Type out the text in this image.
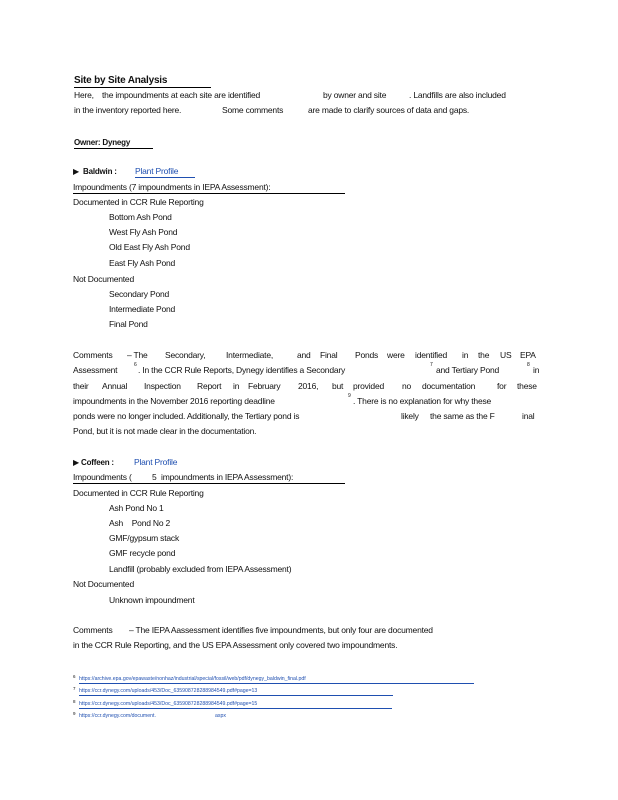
Site by Site Analysis
Here, the impoundments at each site are identified	by owner and site	. Landfills are also included
in the inventory reported here.	Some comments	are made to clarify sources of data and gaps.
Owner: Dynegy
▶ Baldwin : Plant Profile
Impoundments (7 impoundments in IEPA Assessment):
Documented in CCR Rule Reporting
Bottom Ash Pond
West Fly Ash Pond
Old East Fly Ash Pond
East Fly Ash Pond
Not Documented
Secondary Pond
Intermediate Pond
Final Pond
Comments – The Secondary, Intermediate,	and Final Ponds were identified in the US EPA
Assessment	6 . In the CCR Rule Reports, Dynegy identifies a Secondary	7 and Tertiary Pond	8 in
their Annual Inspection Report in February 2016, but provided no documentation	for these
impoundments in the November 2016 reporting deadline	9 . There is no explanation for why these
ponds were no longer included. Additionally, the Tertiary pond is	likely the same as the F	inal
Pond, but it is not made clear in the documentation.
▶ Coffeen : Plant Profile
Impoundments ( 5 impoundments in IEPA Assessment):
Documented in CCR Rule Reporting
Ash Pond No 1
Ash    Pond No 2
GMF/gypsum stack
GMF recycle pond
Landfill (probably excluded from IEPA Assessment)
Not Documented
Unknown impoundment
Comments – The IEPA Aassessment identifies five impoundments, but only four are documented
in the CCR Rule Reporting, and the US EPA Assessment only covered two impoundments.
6 https://archive.epa.gov/epawaste/nonhaz/industrial/special/fossil/web/pdf/dynegy_baldwin_final.pdf
7 https://ccr.dynegy.com/uploads/453/Doc_635908728288984549.pdf#page=13
8 https://ccr.dynegy.com/uploads/453/Doc_635908728288984549.pdf#page=15
9 https://ccr.dynegy.com/document.	aspx
